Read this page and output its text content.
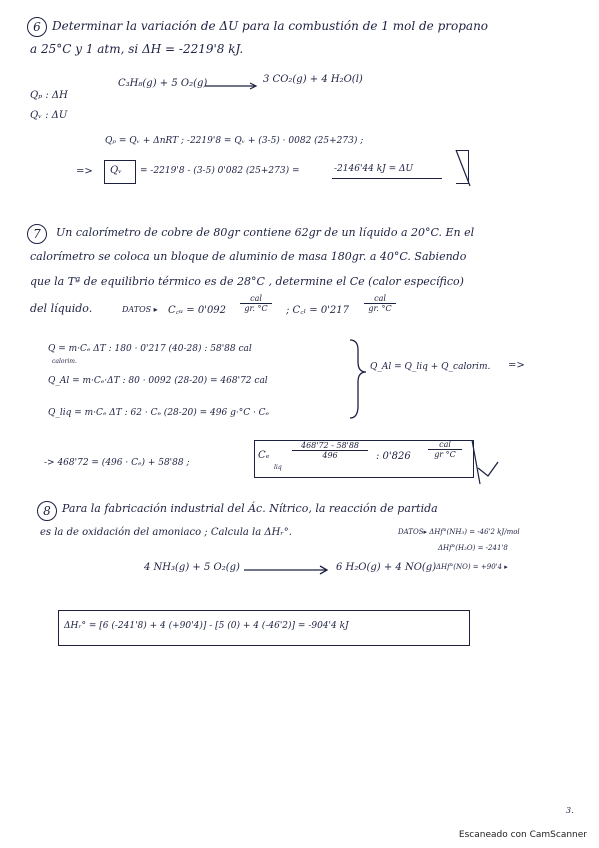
6 Determinar la variación de ΔU para la combustión de 1 mol de propano
a 25°C y 1 atm, si ΔH = -2219'8 kJ.
Qₚ : ΔH
Qᵥ : ΔU
C₃H₈(g) + 5 O₂(g)	3 CO₂(g) + 4 H₂O(l)
Qₚ = Qᵥ + ΔnRT ; -2219'8 = Qᵥ + (3-5) · 0082 (25+273) ;
=> Qᵥ = -2219'8 - (3-5) 0'082 (25+273) =	-2146'44 kJ = ΔU
7	Un calorímetro de cobre de 80gr contiene 62gr de un líquido a 20°C. En el
calorímetro se coloca un bloque de aluminio de masa 180gr. a 40°C. Sabiendo
que la Tª de equilibrio térmico es de 28°C , determine el Ce (calor específico)
del líquido.	DATOS ▸ C꜀ᵤ = 0'092
cal
gr. °C	; C꜀ₗ = 0'217
cal
gr. °C
Q = m·Cₑ ΔT : 180 · 0'217 (40-28) : 58'88 cal
calorim.
Q_Al = m·Cₑ·ΔT : 80 · 0092 (28-20) = 468'72 cal
Q_liq = m·Cₑ ΔT : 62 · Cₑ (28-20) = 496 g·°C · Cₑ
Q_Al = Q_liq + Q_calorim. =>
-> 468'72 = (496 · Cₑ) + 58'88 ;
Cₑ
liq
$\frac{468'72 - 58'88}{496}$ : 0'826
cal
gr °C
8	Para la fabricación industrial del Ác. Nítrico, la reacción de partida
es la de oxidación del amoniaco ; Calcula la ΔHᵣ°.	DATOS▸ ΔHf°(NH₃) = -46'2 kJ/mol
ΔHf°(H₂O) = -241'8
ΔHf°(NO) = +90'4 ▸
4 NH₃(g) + 5 O₂(g)	6 H₂O(g) + 4 NO(g)
ΔHᵣ° = [6 (-241'8) + 4 (+90'4)] - [5 (0) + 4 (-46'2)] = -904'4 kJ
3.
Escaneado con CamScanner
